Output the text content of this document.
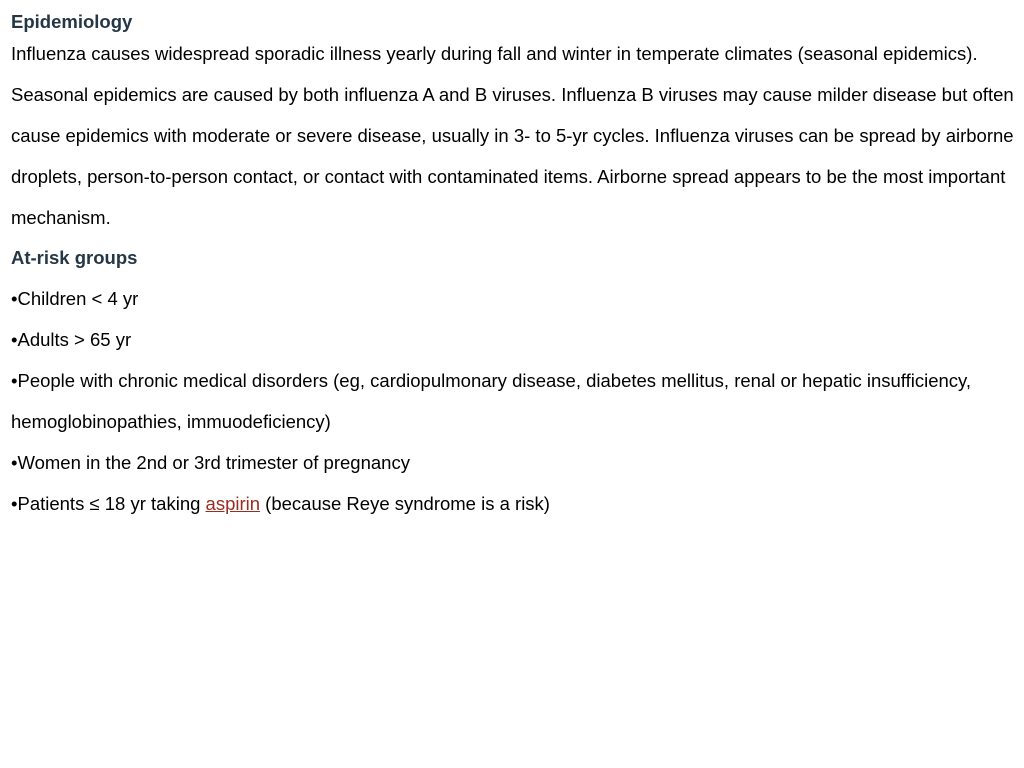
Epidemiology

Influenza causes widespread sporadic illness yearly during fall and winter in temperate climates (seasonal epidemics). Seasonal epidemics are caused by both influenza A and B viruses. Influenza B viruses may cause milder disease but often cause epidemics with moderate or severe disease, usually in 3- to 5-yr cycles. Influenza viruses can be spread by airborne droplets, person-to-person contact, or contact with contaminated items. Airborne spread appears to be the most important mechanism.

At-risk groups
•Children < 4 yr
•Adults > 65 yr
•People with chronic medical disorders (eg, cardiopulmonary disease, diabetes mellitus, renal or hepatic insufficiency, hemoglobinopathies, immuodeficiency)
•Women in the 2nd or 3rd trimester of pregnancy
•Patients ≤ 18 yr taking aspirin (because Reye syndrome is a risk)
